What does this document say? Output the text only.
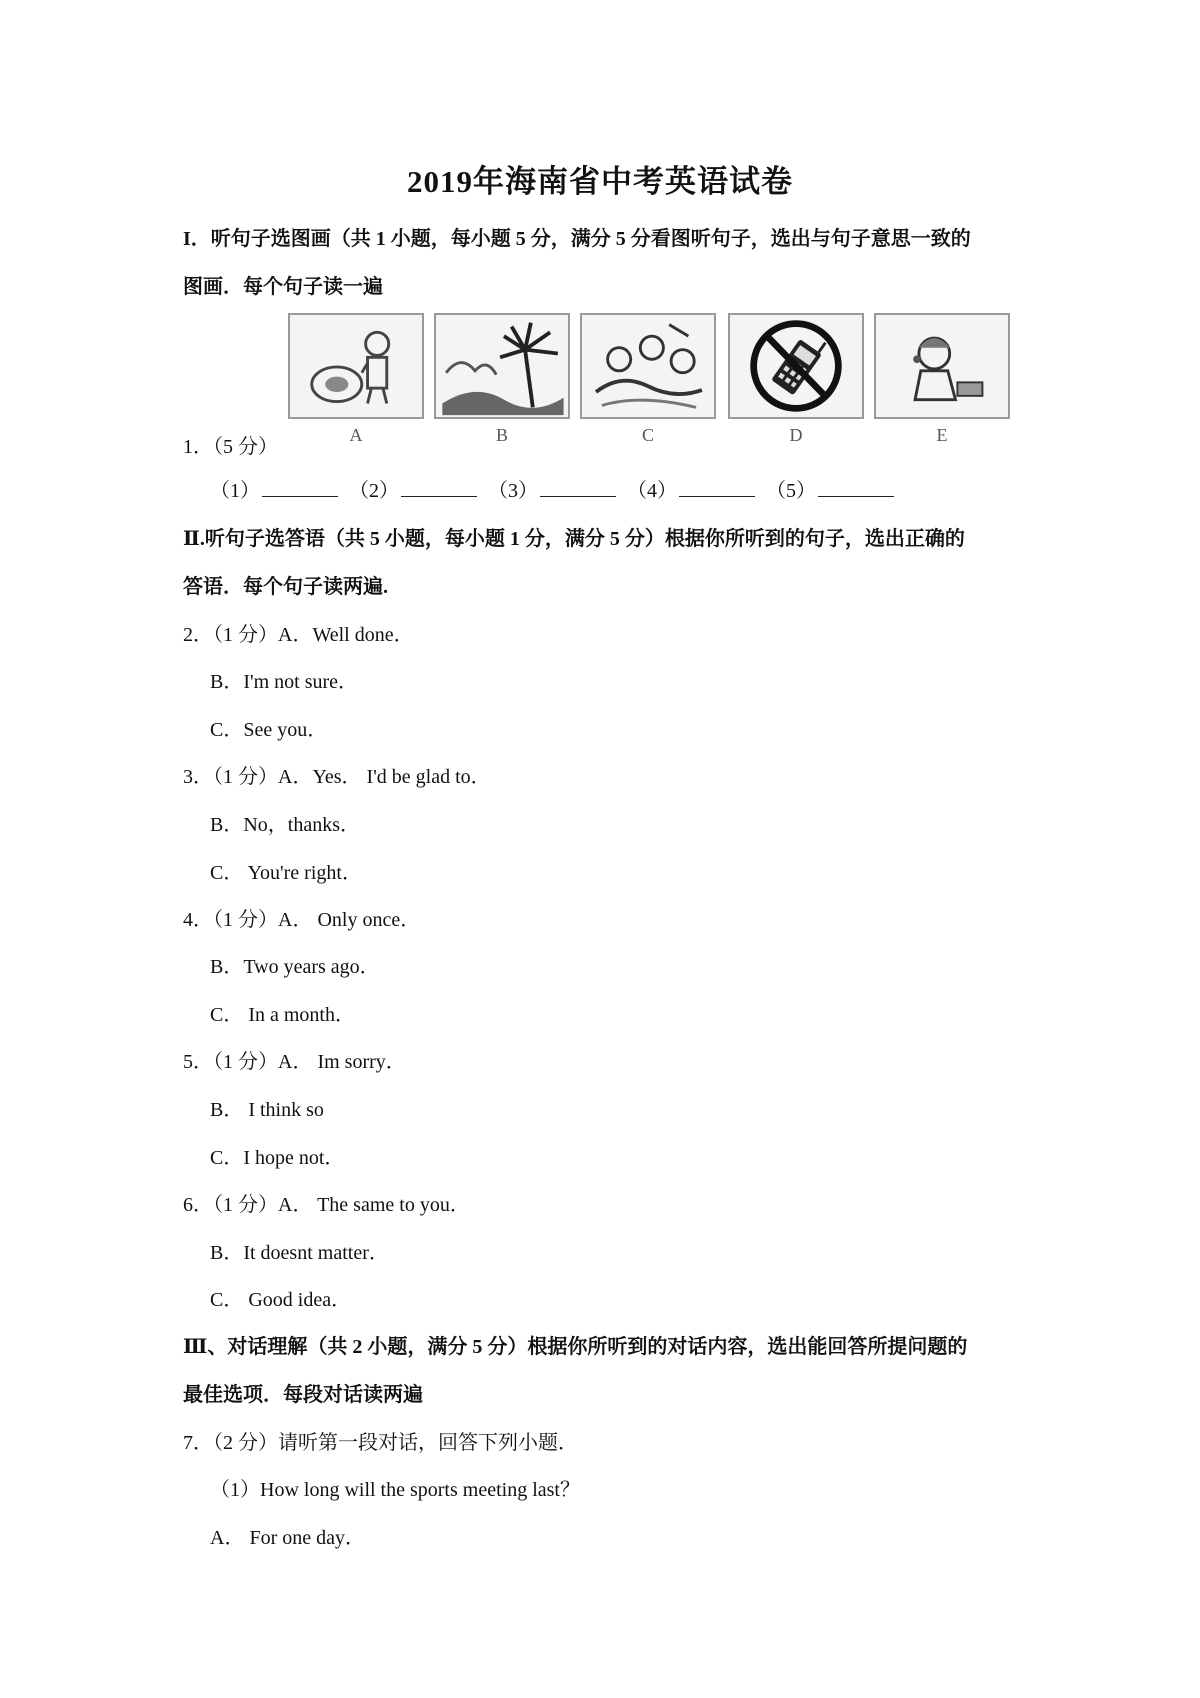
2019年海南省中考英语试卷
I．听句子选图画（共 1 小题，每小题 5 分，满分 5 分看图听句子，选出与句子意思一致的
图画．每个句子读一遍
A	B	C	D	E
1．（5 分）
（1）	（2）	（3）	（4）	（5）
Ⅱ.听句子选答语（共 5 小题，每小题 1 分，满分 5 分）根据你所听到的句子，选出正确的
答语．每个句子读两遍.
2．（1 分）A．Well done．
B．I'm not sure．
C．See you．
3．（1 分）A．Yes． I'd be glad to．
B．No，thanks．
C． You're right．
4．（1 分）A． Only once．
B．Two years ago．
C． In a month．
5．（1 分）A． Im sorry．
B． I think so
C．I hope not．
6．（1 分）A． The same to you．
B．It doesnt matter．
C． Good idea．
Ⅲ、对话理解（共 2 小题，满分 5 分）根据你所听到的对话内容，选出能回答所提问题的
最佳选项．每段对话读两遍
7．（2 分）请听第一段对话，回答下列小题．
（1）How long will the sports meeting last？
A． For one day．
